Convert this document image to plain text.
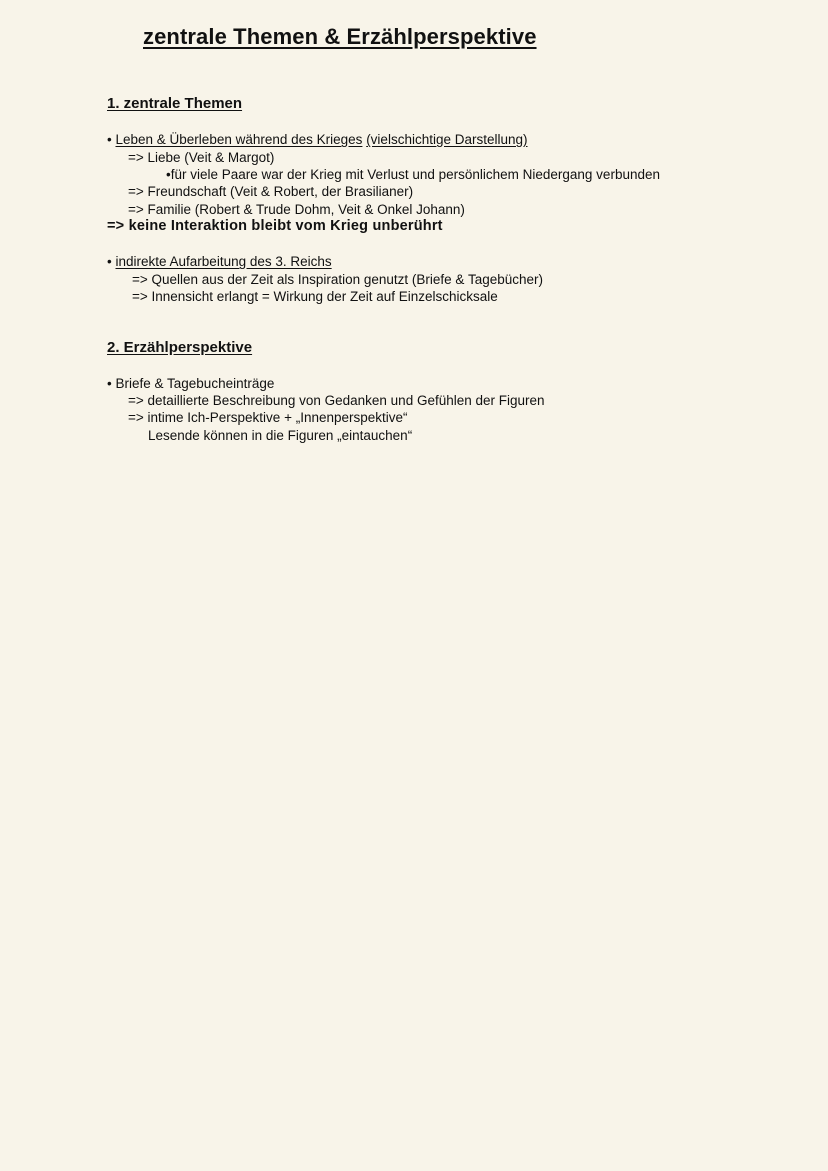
zentrale Themen & Erzählperspektive
1. zentrale Themen

• Leben & Überleben während des Krieges (vielschichtige Darstellung)

=> Liebe (Veit & Margot)

•für viele Paare war der Krieg mit Verlust und persönlichem Niedergang verbunden

=> Freundschaft (Veit & Robert, der Brasilianer)

=> Familie (Robert & Trude Dohm, Veit & Onkel Johann)

=> keine Interaktion bleibt vom Krieg unberührt

• indirekte Aufarbeitung des 3. Reichs

=> Quellen aus der Zeit als Inspiration genutzt (Briefe & Tagebücher)

=> Innensicht erlangt = Wirkung der Zeit auf Einzelschicksale

2. Erzählperspektive

• Briefe & Tagebucheinträge

=> detaillierte Beschreibung von Gedanken und Gefühlen der Figuren

=> intime Ich-Perspektive + „Innenperspektive“

Lesende können in die Figuren „eintauchen“
